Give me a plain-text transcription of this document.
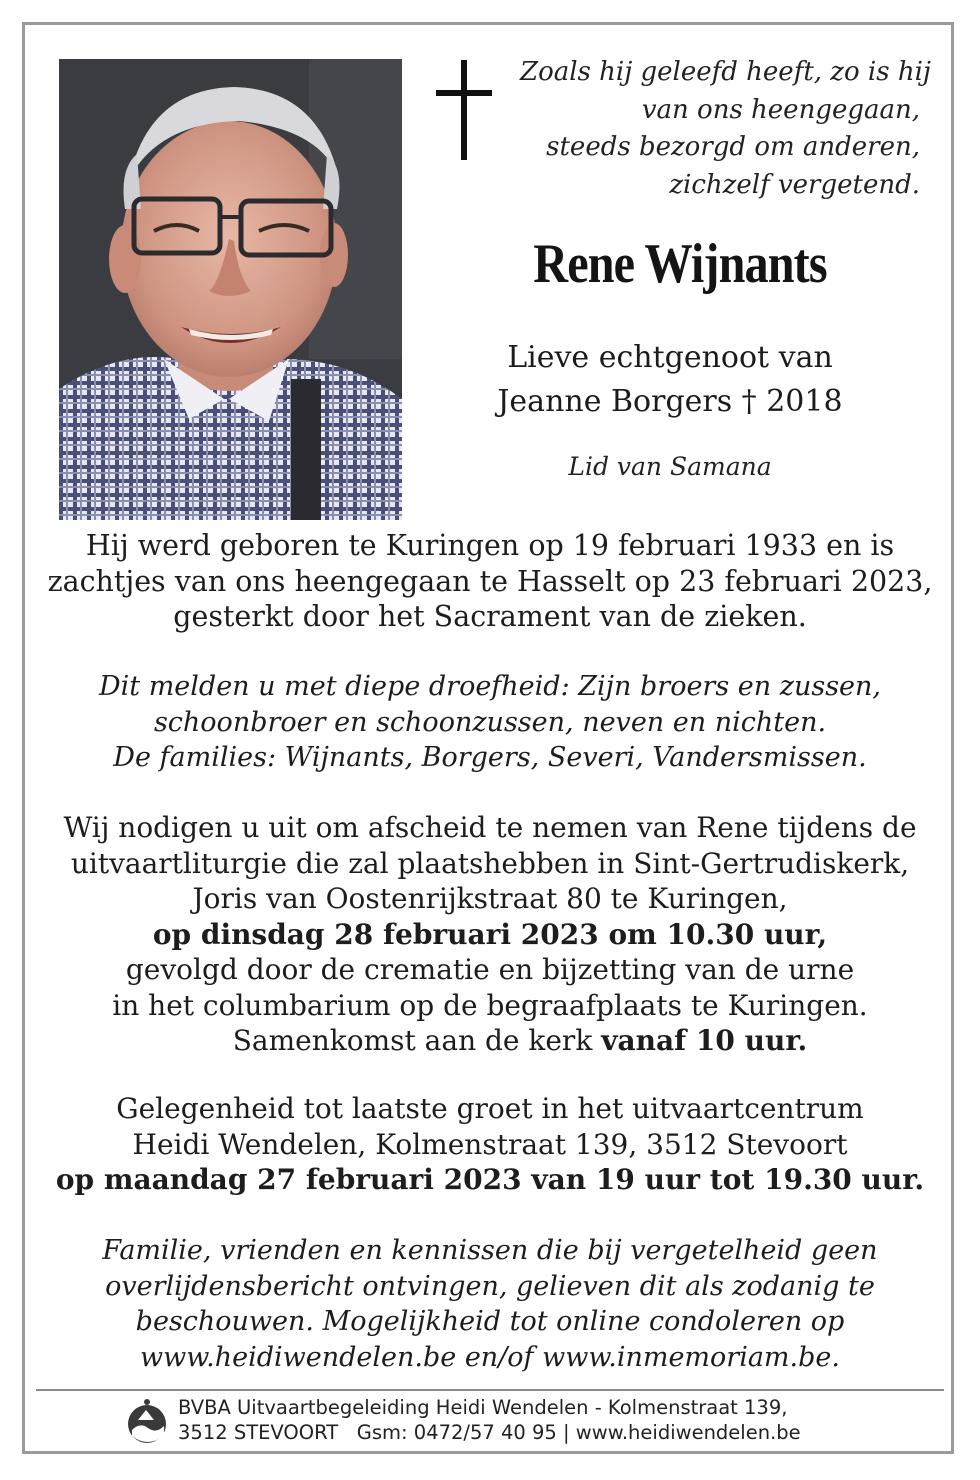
Zoals hij geleefd heeft, zo is hij
van ons heengegaan,
steeds bezorgd om anderen,
zichzelf vergetend.
Rene Wijnants
Lieve echtgenoot van
Jeanne Borgers † 2018
Lid van Samana
Hij werd geboren te Kuringen op 19 februari 1933 en is
zachtjes van ons heengegaan te Hasselt op 23 februari 2023,
gesterkt door het Sacrament van de zieken.
Dit melden u met diepe droefheid: Zijn broers en zussen,
schoonbroer en schoonzussen, neven en nichten.
De families: Wijnants, Borgers, Severi, Vandersmissen.
Wij nodigen u uit om afscheid te nemen van Rene tijdens de
uitvaartliturgie die zal plaatshebben in Sint-Gertrudiskerk,
Joris van Oostenrijkstraat 80 te Kuringen,
op dinsdag 28 februari 2023 om 10.30 uur,
gevolgd door de crematie en bijzetting van de urne
in het columbarium op de begraafplaats te Kuringen.
Samenkomst aan de kerk vanaf 10 uur.
Gelegenheid tot laatste groet in het uitvaartcentrum
Heidi Wendelen, Kolmenstraat 139, 3512 Stevoort
op maandag 27 februari 2023 van 19 uur tot 19.30 uur.
Familie, vrienden en kennissen die bij vergetelheid geen
overlijdensbericht ontvingen, gelieven dit als zodanig te
beschouwen. Mogelijkheid tot online condoleren op
www.heidiwendelen.be en/of www.inmemoriam.be.
BVBA Uitvaartbegeleiding Heidi Wendelen - Kolmenstraat 139,
3512 STEVOORT   Gsm: 0472/57 40 95 | www.heidiwendelen.be
